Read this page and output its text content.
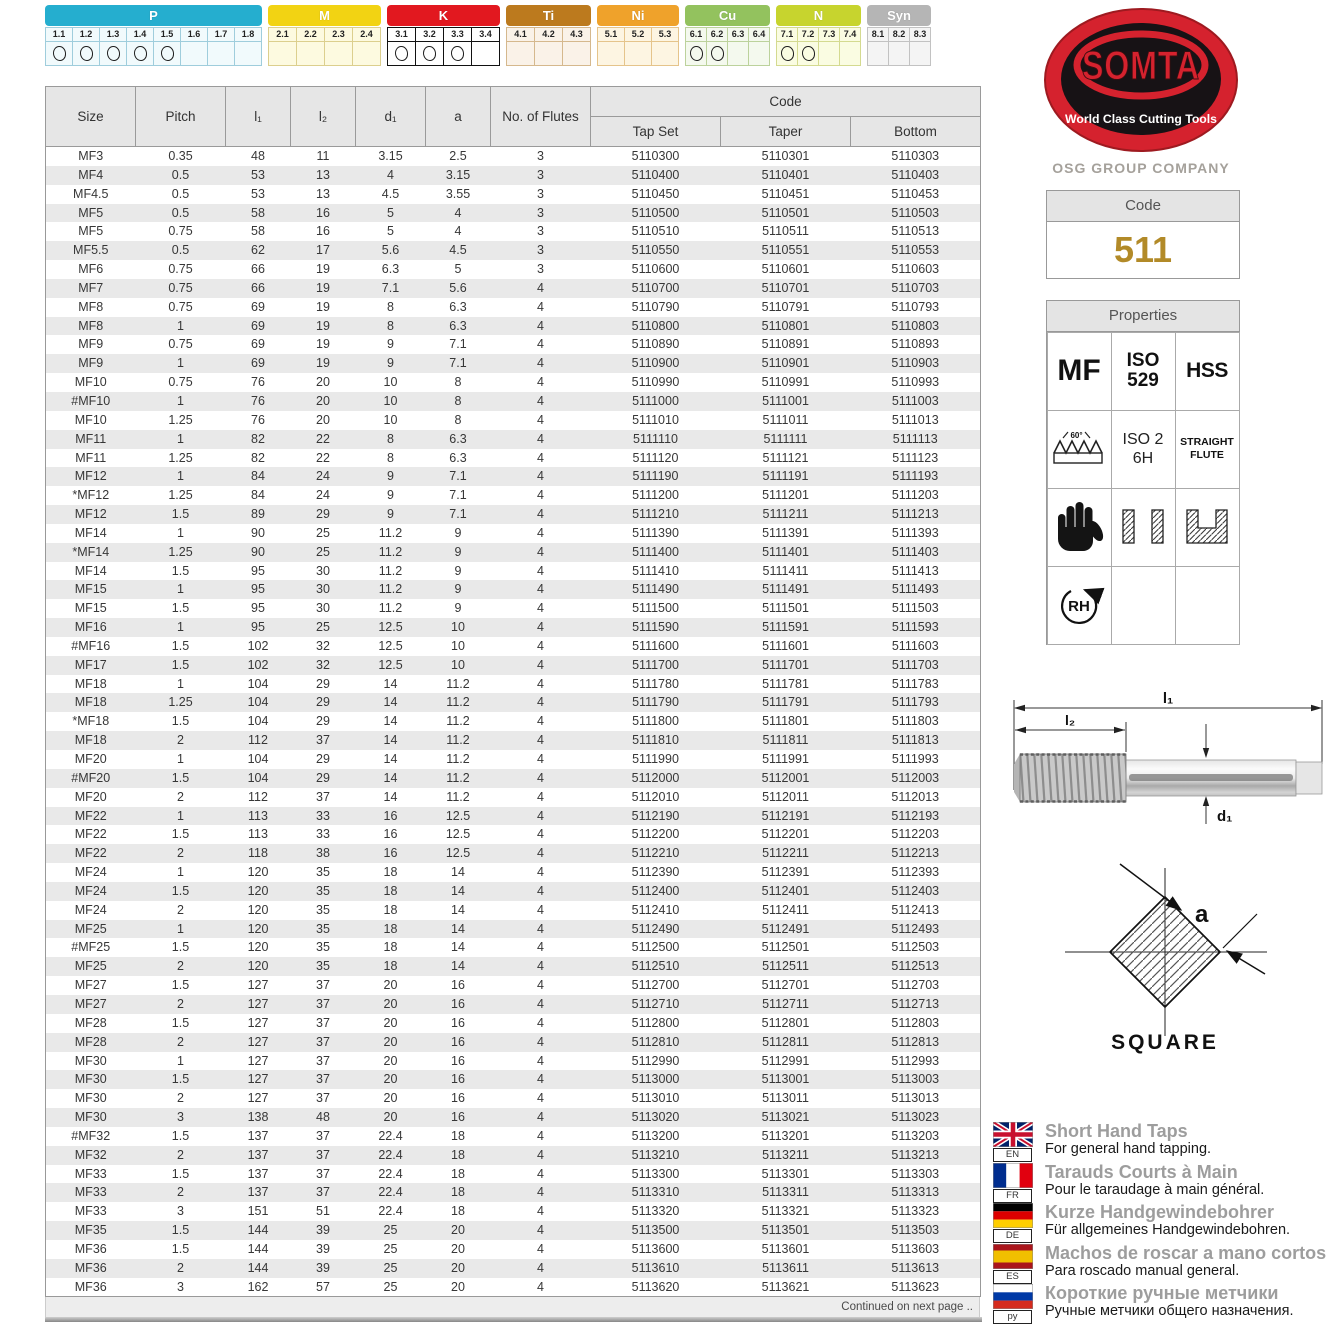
P
1.1	1.2	1.3	1.4	1.5	1.6	1.7	1.8
M
2.1	2.2	2.3	2.4
K
3.1	3.2	3.3	3.4
Ti
4.1	4.2	4.3
Ni
5.1	5.2	5.3
Cu
6.1 6.2 6.3 6.4
N
7.1 7.2 7.3 7.4
Syn
8.1 8.2 8.3
Size	Pitch	l₁	l₂	d₁	a	No. of Flutes	Code		
							Tap Set	Taper	Bottom
MF3	0.35	48	11	3.15	2.5	3	5110300	5110301	5110303
MF4	0.5	53	13	4	3.15	3	5110400	5110401	5110403
MF4.5	0.5	53	13	4.5	3.55	3	5110450	5110451	5110453
MF5	0.5	58	16	5	4	3	5110500	5110501	5110503
MF5	0.75	58	16	5	4	3	5110510	5110511	5110513
MF5.5	0.5	62	17	5.6	4.5	3	5110550	5110551	5110553
MF6	0.75	66	19	6.3	5	3	5110600	5110601	5110603
MF7	0.75	66	19	7.1	5.6	4	5110700	5110701	5110703
MF8	0.75	69	19	8	6.3	4	5110790	5110791	5110793
MF8	1	69	19	8	6.3	4	5110800	5110801	5110803
MF9	0.75	69	19	9	7.1	4	5110890	5110891	5110893
MF9	1	69	19	9	7.1	4	5110900	5110901	5110903
MF10	0.75	76	20	10	8	4	5110990	5110991	5110993
#MF10	1	76	20	10	8	4	5111000	5111001	5111003
MF10	1.25	76	20	10	8	4	5111010	5111011	5111013
MF11	1	82	22	8	6.3	4	5111110	5111111	5111113
MF11	1.25	82	22	8	6.3	4	5111120	5111121	5111123
MF12	1	84	24	9	7.1	4	5111190	5111191	5111193
*MF12	1.25	84	24	9	7.1	4	5111200	5111201	5111203
MF12	1.5	89	29	9	7.1	4	5111210	5111211	5111213
MF14	1	90	25	11.2	9	4	5111390	5111391	5111393
*MF14	1.25	90	25	11.2	9	4	5111400	5111401	5111403
MF14	1.5	95	30	11.2	9	4	5111410	5111411	5111413
MF15	1	95	30	11.2	9	4	5111490	5111491	5111493
MF15	1.5	95	30	11.2	9	4	5111500	5111501	5111503
MF16	1	95	25	12.5	10	4	5111590	5111591	5111593
#MF16	1.5	102	32	12.5	10	4	5111600	5111601	5111603
MF17	1.5	102	32	12.5	10	4	5111700	5111701	5111703
MF18	1	104	29	14	11.2	4	5111780	5111781	5111783
MF18	1.25	104	29	14	11.2	4	5111790	5111791	5111793
*MF18	1.5	104	29	14	11.2	4	5111800	5111801	5111803
MF18	2	112	37	14	11.2	4	5111810	5111811	5111813
MF20	1	104	29	14	11.2	4	5111990	5111991	5111993
#MF20	1.5	104	29	14	11.2	4	5112000	5112001	5112003
MF20	2	112	37	14	11.2	4	5112010	5112011	5112013
MF22	1	113	33	16	12.5	4	5112190	5112191	5112193
MF22	1.5	113	33	16	12.5	4	5112200	5112201	5112203
MF22	2	118	38	16	12.5	4	5112210	5112211	5112213
MF24	1	120	35	18	14	4	5112390	5112391	5112393
MF24	1.5	120	35	18	14	4	5112400	5112401	5112403
MF24	2	120	35	18	14	4	5112410	5112411	5112413
MF25	1	120	35	18	14	4	5112490	5112491	5112493
#MF25	1.5	120	35	18	14	4	5112500	5112501	5112503
MF25	2	120	35	18	14	4	5112510	5112511	5112513
MF27	1.5	127	37	20	16	4	5112700	5112701	5112703
MF27	2	127	37	20	16	4	5112710	5112711	5112713
MF28	1.5	127	37	20	16	4	5112800	5112801	5112803
MF28	2	127	37	20	16	4	5112810	5112811	5112813
MF30	1	127	37	20	16	4	5112990	5112991	5112993
MF30	1.5	127	37	20	16	4	5113000	5113001	5113003
MF30	2	127	37	20	16	4	5113010	5113011	5113013
MF30	3	138	48	20	16	4	5113020	5113021	5113023
#MF32	1.5	137	37	22.4	18	4	5113200	5113201	5113203
MF32	2	137	37	22.4	18	4	5113210	5113211	5113213
MF33	1.5	137	37	22.4	18	4	5113300	5113301	5113303
MF33	2	137	37	22.4	18	4	5113310	5113311	5113313
MF33	3	151	51	22.4	18	4	5113320	5113321	5113323
MF35	1.5	144	39	25	20	4	5113500	5113501	5113503
MF36	1.5	144	39	25	20	4	5113600	5113601	5113603
MF36	2	144	39	25	20	4	5113610	5113611	5113613
MF36	3	162	57	25	20	4	5113620	5113621	5113623
Continued on next page ..
SOMTA
World Class Cutting Tools
OSG GROUP COMPANY
Code
511
Properties
MF ISO
529 HSS
60° ISO 2
6H
STRAIGHT
FLUTE
RH
l₁
l₂
d₁
a
SQUARE
EN
Short Hand Taps
For general hand tapping.
FR
Tarauds Courts à Main
Pour le taraudage à main général.
DE
Kurze Handgewindebohrer
Für allgemeines Handgewindebohren.
ES
Machos de roscar a mano cortos
Para roscado manual general.
ру
Короткие ручные метчики
Ручные метчики общего назначения.
